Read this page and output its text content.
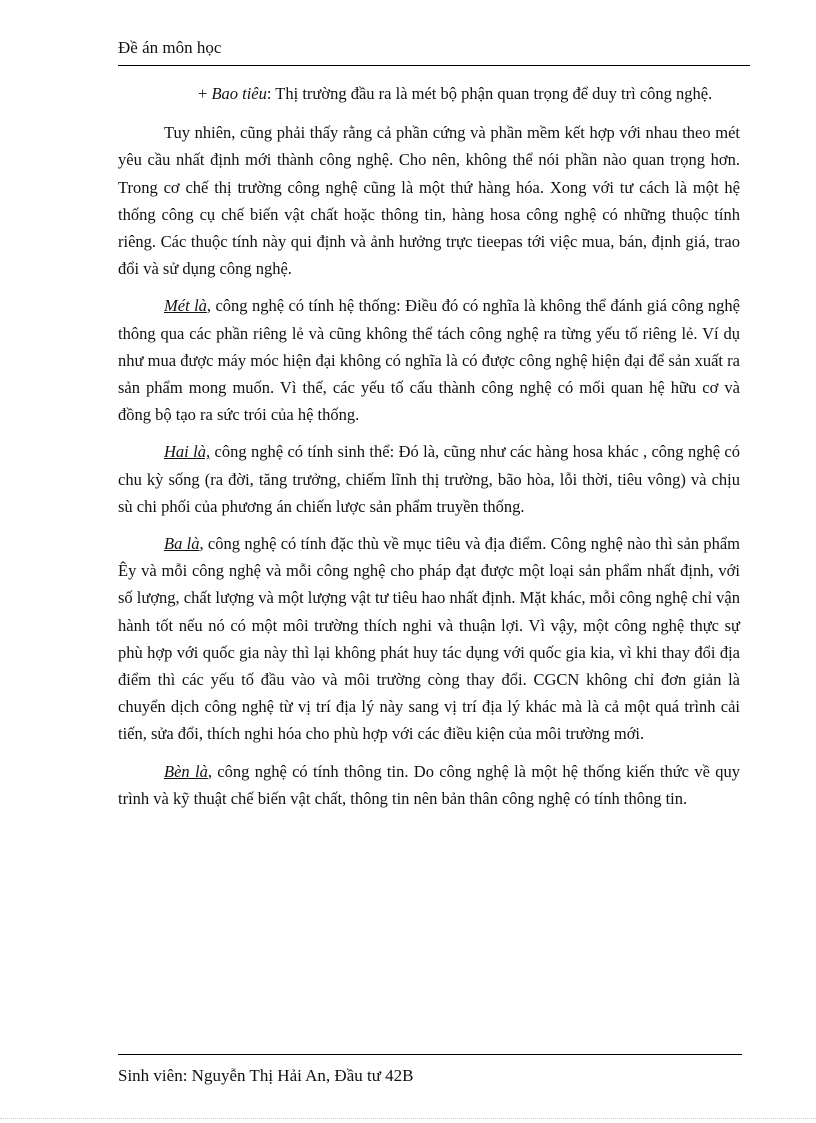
Đề án môn học

+ Bao tiêu: Thị trường đầu ra là mét bộ phận quan trọng để duy trì công nghệ.

Tuy nhiên, cũng phải thấy rằng cả phần cứng và phần mềm kết hợp với nhau theo mét yêu cầu nhất định mới thành công nghệ. Cho nên, không thể nói phần nào quan trọng hơn. Trong cơ chế thị trường công nghệ cũng là một thứ hàng hóa. Xong với tư cách là một hệ thống công cụ chế biến vật chất hoặc thông tin, hàng hosa công nghệ có những thuộc tính riêng. Các thuộc tính này qui định và ảnh hưởng trực tieepas tới việc mua, bán, định giá, trao đổi và sử dụng công nghệ.

Mét là, công nghệ có tính hệ thống: Điều đó có nghĩa là không thể đánh giá công nghệ thông qua các phần riêng lẻ và cũng không thể tách công nghệ ra từng yếu tố riêng lẻ. Ví dụ như mua được máy móc hiện đại không có nghĩa là có được công nghệ hiện đại để sản xuất ra sản phẩm mong muốn. Vì thế, các yếu tố cấu thành công nghệ có mối quan hệ hữu cơ và đồng bộ tạo ra sức trói của hệ thống.

Hai là, công nghệ có tính sinh thể: Đó là, cũng như các hàng hosa khác , công nghệ có chu kỳ sống (ra đời, tăng trưởng, chiếm lĩnh thị trường, bão hòa, lỗi thời, tiêu vông) và chịu sù chi phối của phương án chiến lược sản phẩm truyền thống.

Ba là, công nghệ có tính đặc thù về mục tiêu và địa điểm. Công nghệ nào thì sản phẩm Êy và mỗi công nghệ và mỗi công nghệ cho pháp đạt được một loại sản phẩm nhất định, với số lượng, chất lượng và một lượng vật tư tiêu hao nhất định. Mặt khác, mỗi công nghệ chỉ vận hành tốt nếu nó có một môi trường thích nghi và thuận lợi. Vì vậy, một công nghệ thực sự phù hợp với quốc gia này thì lại không phát huy tác dụng với quốc gia kia, vì khi thay đổi địa điểm thì các yếu tố đầu vào và môi trường còng thay đổi. CGCN không chỉ đơn giản là chuyển dịch công nghệ từ vị trí địa lý này sang vị trí địa lý khác mà là cả một quá trình cải tiến, sửa đổi, thích nghi hóa cho phù hợp với các điều kiện của môi trường mới.

Bèn là, công nghệ có tính thông tin. Do công nghệ là một hệ thống kiến thức về quy trình và kỹ thuật chế biến vật chất, thông tin nên bản thân công nghệ có tính thông tin.

Sinh viên: Nguyễn Thị Hải An, Đầu tư 42B
